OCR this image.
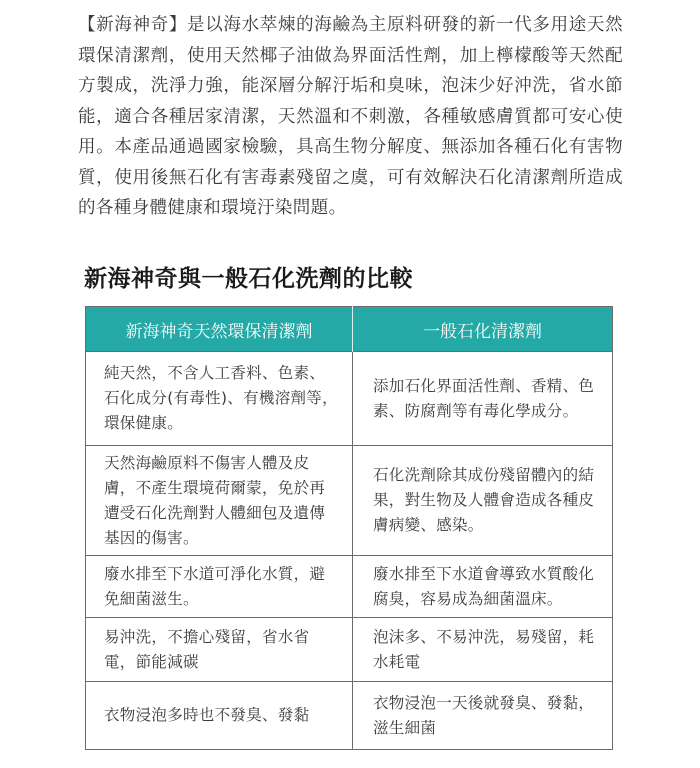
【新海神奇】是以海水萃煉的海鹼為主原料研發的新一代多用途天然環保清潔劑，使用天然椰子油做為界面活性劑，加上檸檬酸等天然配方製成，洗淨力強，能深層分解汙垢和臭味，泡沫少好沖洗，省水節能，適合各種居家清潔，天然溫和不刺激，各種敏感膚質都可安心使用。本產品通過國家檢驗，具高生物分解度、無添加各種石化有害物質，使用後無石化有害毒素殘留之虞，可有效解決石化清潔劑所造成的各種身體健康和環境汙染問題。
新海神奇與一般石化洗劑的比較
新海神奇天然環保清潔劑	一般石化清潔劑
純天然，不含人工香料、色素、石化成分(有毒性)、有機溶劑等，環保健康。	添加石化界面活性劑、香精、色素、防腐劑等有毒化學成分。
天然海鹼原料不傷害人體及皮膚，不產生環境荷爾蒙，免於再遭受石化洗劑對人體細包及遺傳基因的傷害。	石化洗劑除其成份殘留體內的結果，對生物及人體會造成各種皮膚病變、感染。
廢水排至下水道可淨化水質，避免細菌滋生。	廢水排至下水道會導致水質酸化腐臭，容易成為細菌溫床。
易沖洗，不擔心殘留，省水省電，節能減碳	泡沫多、不易沖洗，易殘留，耗水耗電
衣物浸泡多時也不發臭、發黏	衣物浸泡一天後就發臭、發黏，滋生細菌
